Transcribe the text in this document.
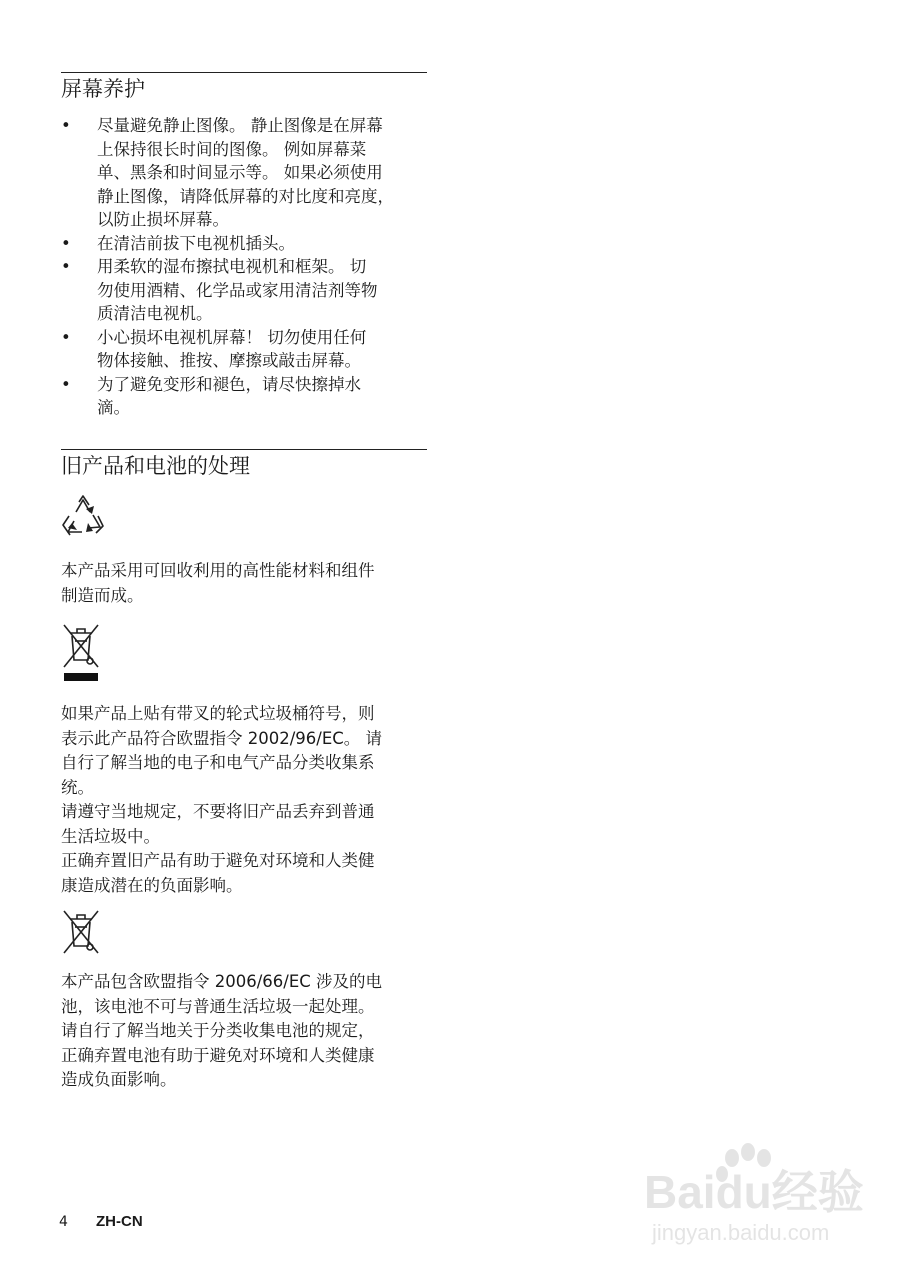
屏幕养护
• 尽量避免静止图像。 静止图像是在屏幕
上保持很长时间的图像。 例如屏幕菜
单、黑条和时间显示等。 如果必须使用
静止图像，请降低屏幕的对比度和亮度，
以防止损坏屏幕。
• 在清洁前拔下电视机插头。
• 用柔软的湿布擦拭电视机和框架。 切
勿使用酒精、化学品或家用清洁剂等物
质清洁电视机。
• 小心损坏电视机屏幕！ 切勿使用任何
物体接触、推按、摩擦或敲击屏幕。
• 为了避免变形和褪色，请尽快擦掉水
滴。
旧产品和电池的处理

本产品采用可回收利用的高性能材料和组件
制造而成。

如果产品上贴有带叉的轮式垃圾桶符号，则
表示此产品符合欧盟指令 2002/96/EC。 请
自行了解当地的电子和电气产品分类收集系
统。
请遵守当地规定，不要将旧产品丢弃到普通
生活垃圾中。
正确弃置旧产品有助于避免对环境和人类健
康造成潜在的负面影响。

本产品包含欧盟指令 2006/66/EC 涉及的电
池，该电池不可与普通生活垃圾一起处理。
请自行了解当地关于分类收集电池的规定，
正确弃置电池有助于避免对环境和人类健康
造成负面影响。

4 ZH-CN
Baidu经验
jingyan.baidu.com
